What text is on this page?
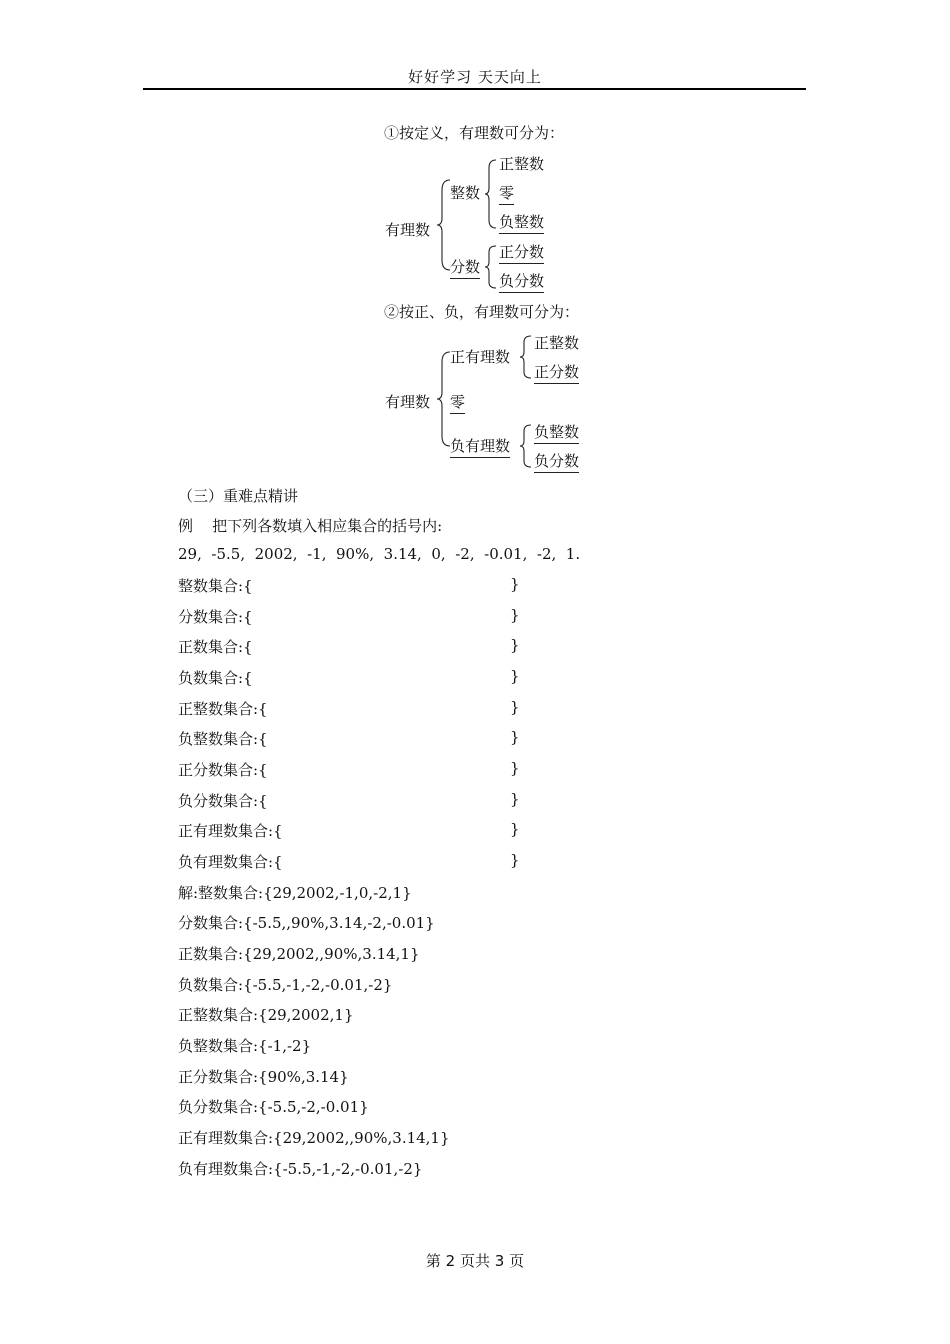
好好学习 天天向上
①按定义，有理数可分为：
有理数
整数
正整数
零
负整数
分数
正分数
负分数
②按正、负，有理数可分为：
有理数
正有理数
正整数
正分数
零
负有理数
负整数
负分数
（三）重难点精讲
例    把下列各数填入相应集合的括号内:
29,  -5.5,  2002,  -1,  90%,  3.14,  0,  -2,  -0.01,  -2,  1.
整数集合:{	}
分数集合:{	}
正数集合:{	}
负数集合:{	}
正整数集合:{	}
负整数集合:{	}
正分数集合:{	}
负分数集合:{	}
正有理数集合:{	}
负有理数集合:{	}
解:整数集合:{29,2002,-1,0,-2,1}
分数集合:{-5.5,,90%,3.14,-2,-0.01}
正数集合:{29,2002,,90%,3.14,1}
负数集合:{-5.5,-1,-2,-0.01,-2}
正整数集合:{29,2002,1}
负整数集合:{-1,-2}
正分数集合:{90%,3.14}
负分数集合:{-5.5,-2,-0.01}
正有理数集合:{29,2002,,90%,3.14,1}
负有理数集合:{-5.5,-1,-2,-0.01,-2}
第 2 页共 3 页
